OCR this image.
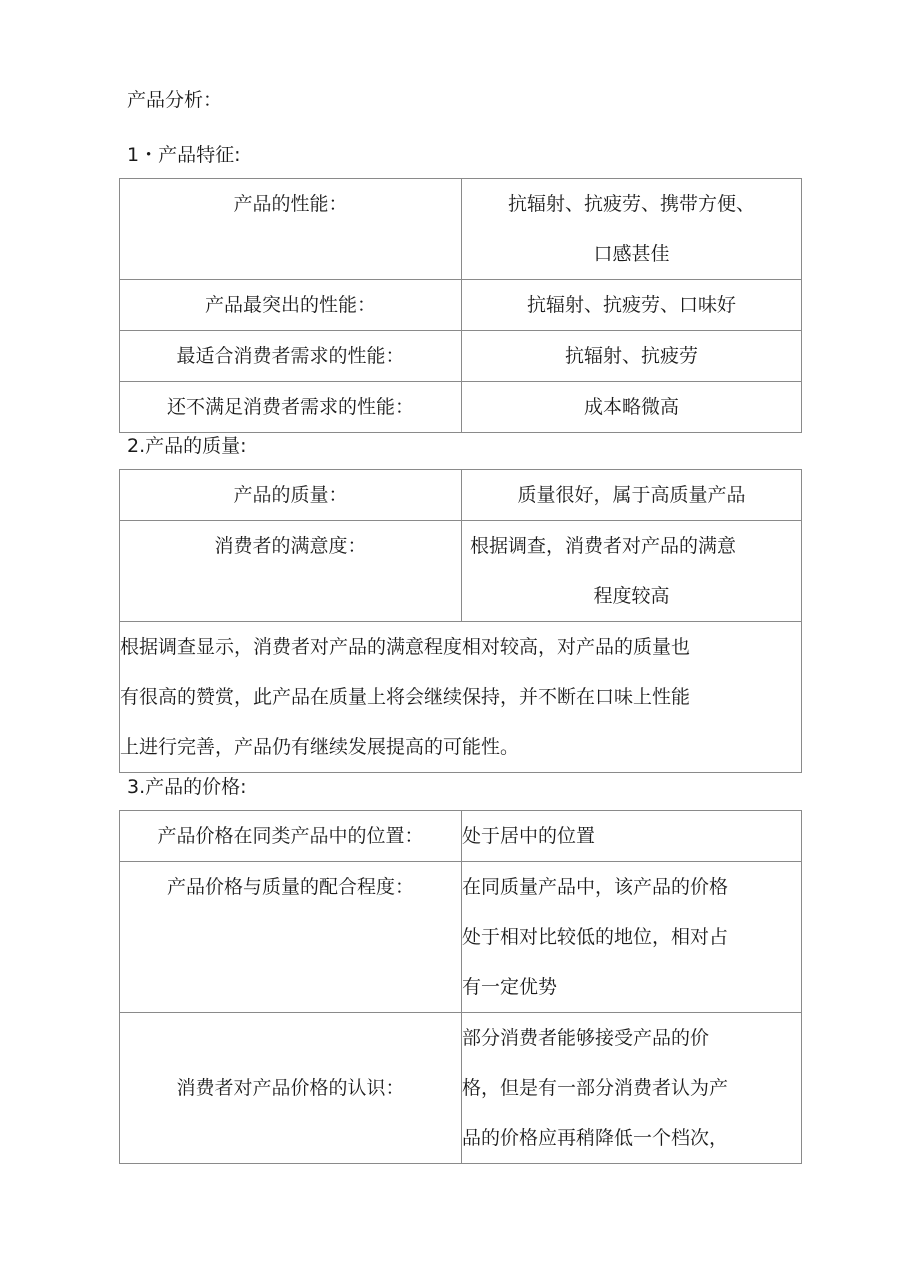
产品分析：
1・产品特征:
产品的性能：	抗辐射、抗疲劳、携带方便、
口感甚佳

产品最突出的性能：	抗辐射、抗疲劳、口味好
最适合消费者需求的性能：	抗辐射、抗疲劳
还不满足消费者需求的性能：	成本略微高
2.产品的质量:
产品的质量：	质量很好，属于高质量产品
消费者的满意度：	根据调查，消费者对产品的满意
程度较高

根据调查显示，消费者对产品的满意程度相对较高，对产品的质量也
有很高的赞赏，此产品在质量上将会继续保持，并不断在口味上性能
上进行完善，产品仍有继续发展提高的可能性。	
3.产品的价格:
产品价格在同类产品中的位置：	处于居中的位置
产品价格与质量的配合程度：	在同质量产品中，该产品的价格
处于相对比较低的地位，相对占
有一定优势

消费者对产品价格的认识：	部分消费者能够接受产品的价
格，但是有一部分消费者认为产
品的价格应再稍降低一个档次，
